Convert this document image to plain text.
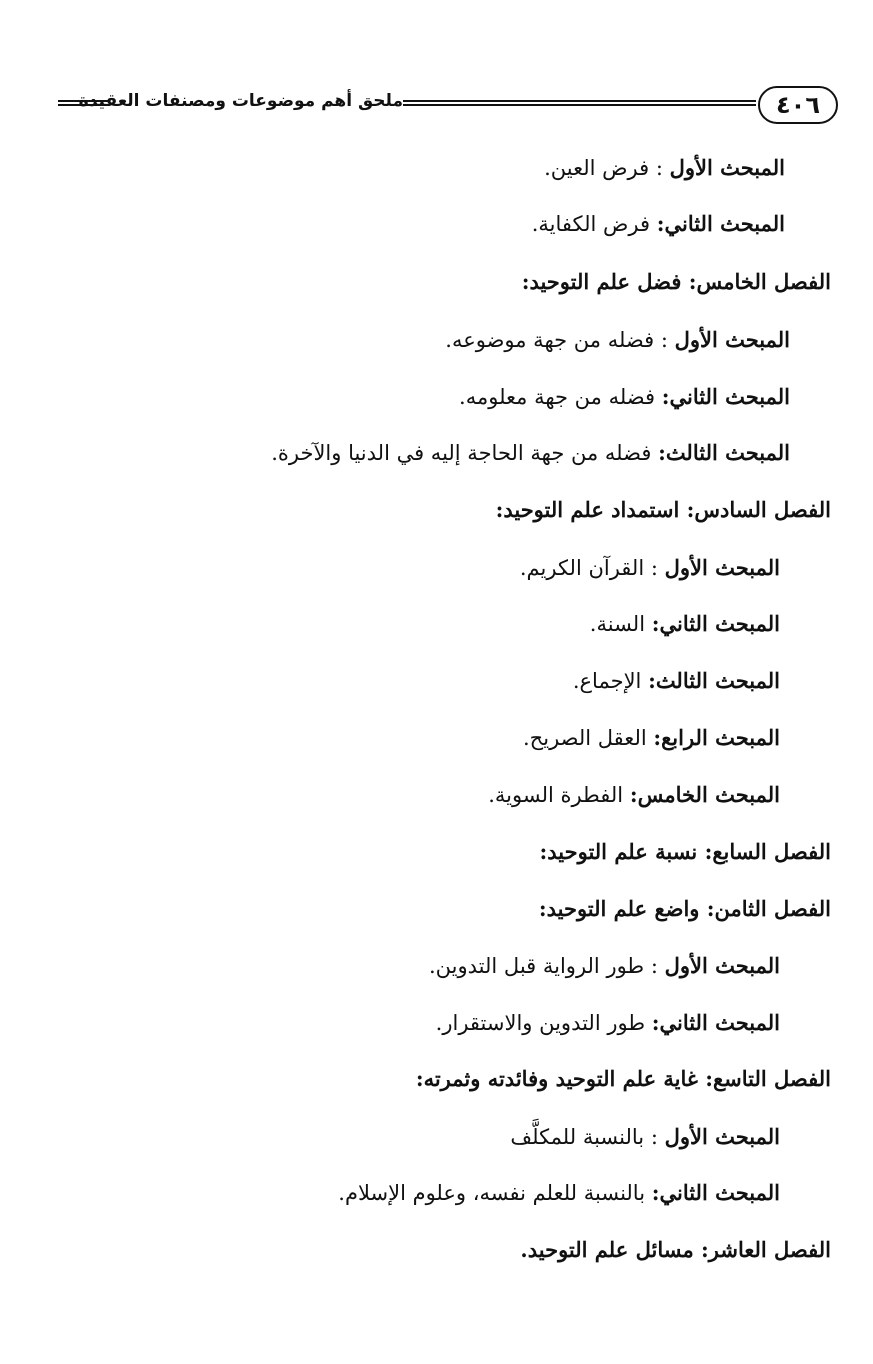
ملحق أهم موضوعات ومصنفات العقيدة	٤٠٦
المبحث الأول : فرض العين.
المبحث الثاني: فرض الكفاية.
الفصل الخامس: فضل علم التوحيد:
المبحث الأول : فضله من جهة موضوعه.
المبحث الثاني: فضله من جهة معلومه.
المبحث الثالث: فضله من جهة الحاجة إليه في الدنيا والآخرة.
الفصل السادس: استمداد علم التوحيد:
المبحث الأول : القرآن الكريم.
المبحث الثاني: السنة.
المبحث الثالث: الإجماع.
المبحث الرابع: العقل الصريح.
المبحث الخامس: الفطرة السوية.
الفصل السابع: نسبة علم التوحيد:
الفصل الثامن: واضع علم التوحيد:
المبحث الأول : طور الرواية قبل التدوين.
المبحث الثاني: طور التدوين والاستقرار.
الفصل التاسع: غاية علم التوحيد وفائدته وثمرته:
المبحث الأول : بالنسبة للمكلَّف
المبحث الثاني: بالنسبة للعلم نفسه، وعلوم الإسلام.
الفصل العاشر: مسائل علم التوحيد.
